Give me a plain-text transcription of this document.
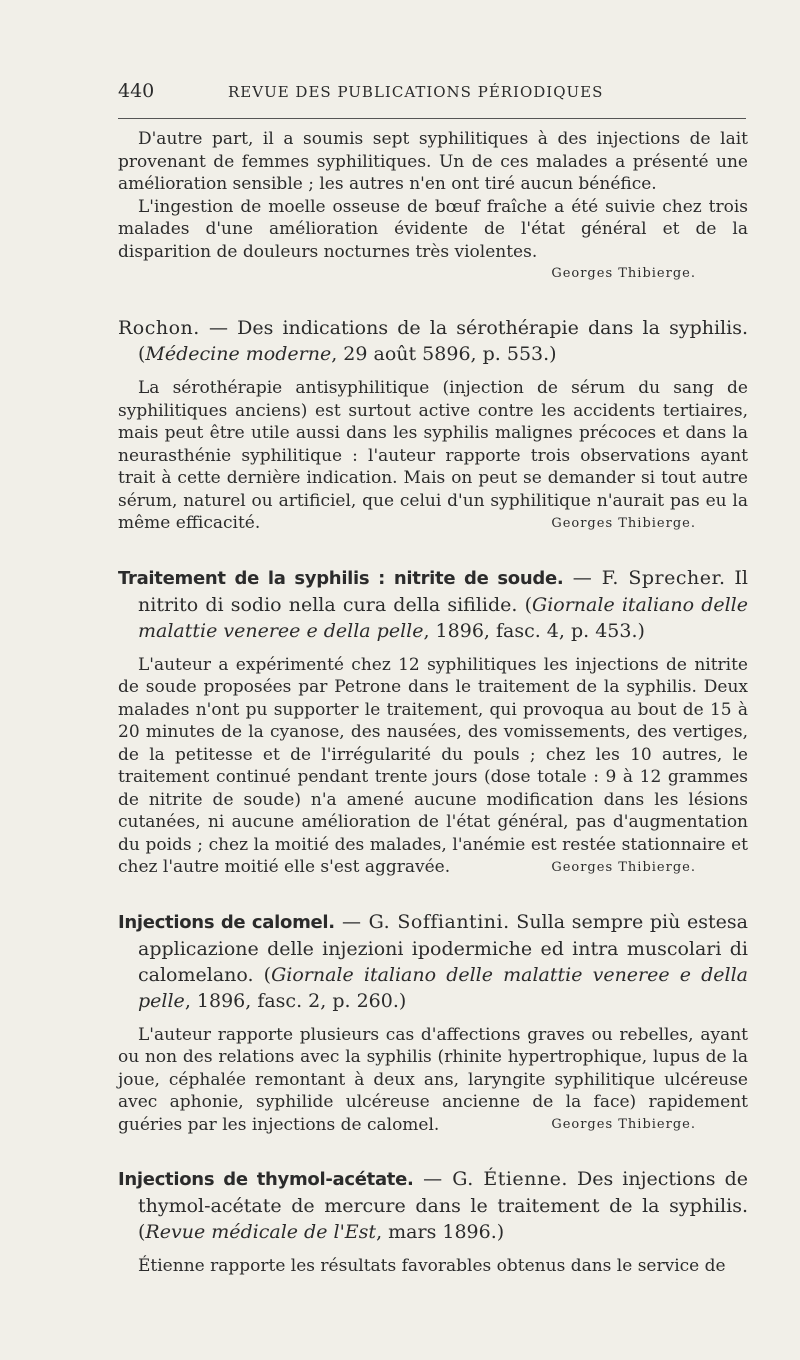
440	REVUE DES PUBLICATIONS PÉRIODIQUES

D'autre part, il a soumis sept syphilitiques à des injections de lait provenant de femmes syphilitiques. Un de ces malades a présenté une amélioration sensible ; les autres n'en ont tiré aucun bénéfice.

L'ingestion de moelle osseuse de bœuf fraîche a été suivie chez trois malades d'une amélioration évidente de l'état général et de la disparition de douleurs nocturnes très violentes.

Georges Thibierge.

Rochon. — Des indications de la sérothérapie dans la syphilis. (Médecine moderne, 29 août 5896, p. 553.)

La sérothérapie antisyphilitique (injection de sérum du sang de syphilitiques anciens) est surtout active contre les accidents tertiaires, mais peut être utile aussi dans les syphilis malignes précoces et dans la neurasthénie syphilitique : l'auteur rapporte trois observations ayant trait à cette dernière indication. Mais on peut se demander si tout autre sérum, naturel ou artificiel, que celui d'un syphilitique n'aurait pas eu la même efficacité.	Georges Thibierge.

Traitement de la syphilis : nitrite de soude. — F. Sprecher. Il nitrito di sodio nella cura della sifilide. (Giornale italiano delle malattie veneree e della pelle, 1896, fasc. 4, p. 453.)

L'auteur a expérimenté chez 12 syphilitiques les injections de nitrite de soude proposées par Petrone dans le traitement de la syphilis. Deux malades n'ont pu supporter le traitement, qui provoqua au bout de 15 à 20 minutes de la cyanose, des nausées, des vomissements, des vertiges, de la petitesse et de l'irrégularité du pouls ; chez les 10 autres, le traitement continué pendant trente jours (dose totale : 9 à 12 grammes de nitrite de soude) n'a amené aucune modification dans les lésions cutanées, ni aucune amélioration de l'état général, pas d'augmentation du poids ; chez la moitié des malades, l'anémie est restée stationnaire et chez l'autre moitié elle s'est aggravée.	Georges Thibierge.

Injections de calomel. — G. Soffiantini. Sulla sempre più estesa applicazione delle injezioni ipodermiche ed intra muscolari di calomelano. (Giornale italiano delle malattie veneree e della pelle, 1896, fasc. 2, p. 260.)

L'auteur rapporte plusieurs cas d'affections graves ou rebelles, ayant ou non des relations avec la syphilis (rhinite hypertrophique, lupus de la joue, céphalée remontant à deux ans, laryngite syphilitique ulcéreuse avec aphonie, syphilide ulcéreuse ancienne de la face) rapidement guéries par les injections de calomel.	Georges Thibierge.

Injections de thymol-acétate. — G. Étienne. Des injections de thymol-acétate de mercure dans le traitement de la syphilis. (Revue médicale de l'Est, mars 1896.)

Étienne rapporte les résultats favorables obtenus dans le service de
